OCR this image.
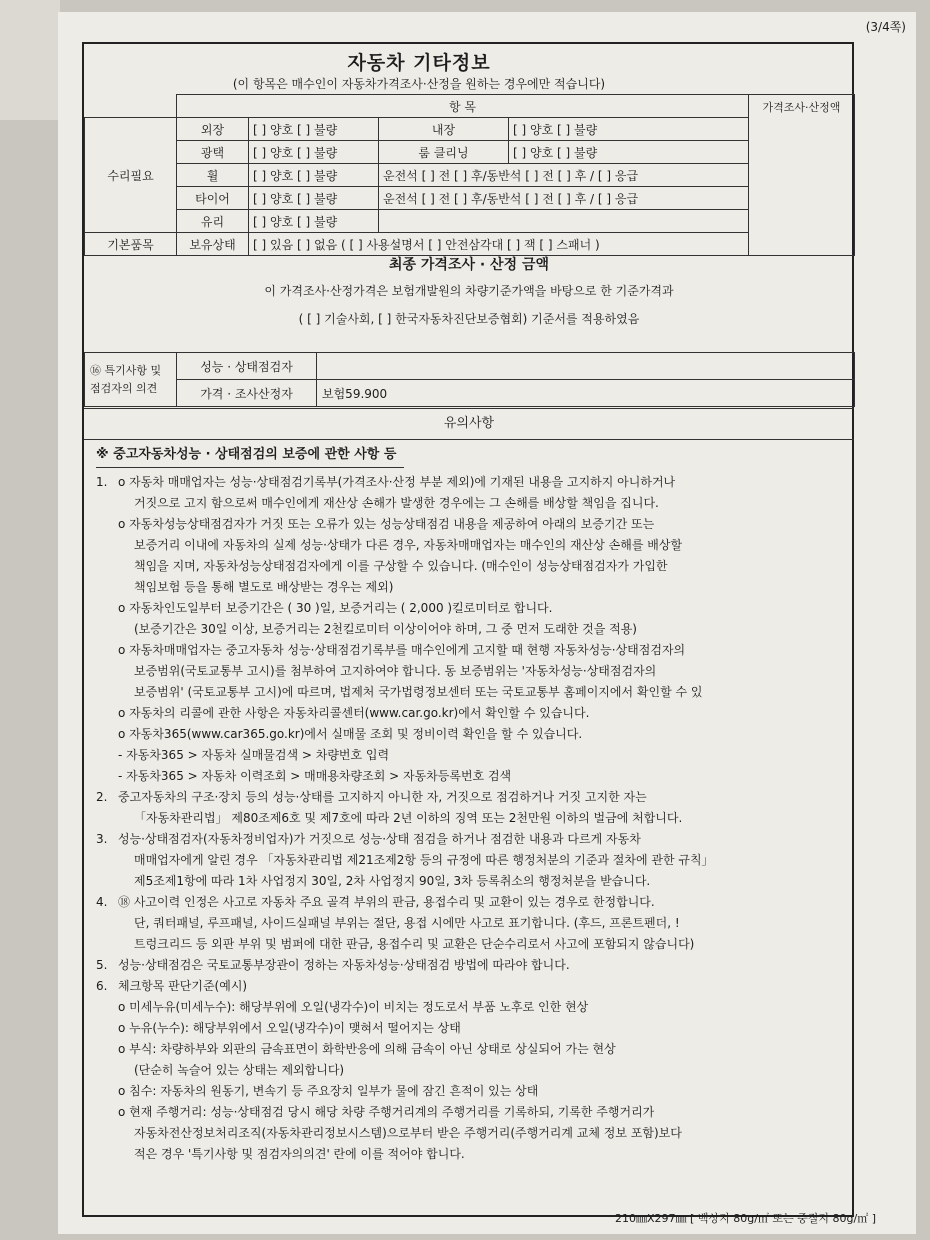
(3/4쪽)
자동차 기타정보
(이 항목은 매수인이 자동차가격조사·산정을 원하는 경우에만 적습니다)
	항 목				가격조사·산정액
수리필요	외장	[ ] 양호 [ ] 불량	내장	[ ] 양호 [ ] 불량	
	광택	[ ] 양호 [ ] 불량	룸 클리닝	[ ] 양호 [ ] 불량	
	휠	[ ] 양호 [ ] 불량	운전석 [ ] 전 [ ] 후/동반석 [ ] 전 [ ] 후 / [ ] 응급		
	타이어	[ ] 양호 [ ] 불량	운전석 [ ] 전 [ ] 후/동반석 [ ] 전 [ ] 후 / [ ] 응급		
	유리	[ ] 양호 [ ] 불량			
기본품목	보유상태	[ ] 있음 [ ] 없음 ( [ ] 사용설명서 [ ] 안전삼각대 [ ] 잭 [ ] 스패너 )			
최종 가격조사 · 산정 금액
이 가격조사·산정가격은 보험개발원의 차량기준가액을 바탕으로 한 기준가격과
( [ ] 기술사회, [ ] 한국자동차진단보증협회) 기준서를 적용하였음
⑯ 특기사항 및
점검자의 의견	성능 · 상태점검자	
	가격 · 조사산정자	보험59.900
유의사항
※ 중고자동차성능 · 상태점검의 보증에 관한 사항 등
1. o 자동차 매매업자는 성능·상태점검기록부(가격조사·산정 부분 제외)에 기재된 내용을 고지하지 아니하거나
거짓으로 고지 함으로써 매수인에게 재산상 손해가 발생한 경우에는 그 손해를 배상할 책임을 집니다.
o 자동차성능상태점검자가 거짓 또는 오류가 있는 성능상태점검 내용을 제공하여 아래의 보증기간 또는
보증거리 이내에 자동차의 실제 성능·상태가 다른 경우, 자동차매매업자는 매수인의 재산상 손해를 배상할
책임을 지며, 자동차성능상태점검자에게 이를 구상할 수 있습니다. (매수인이 성능상태점검자가 가입한
책임보험 등을 통해 별도로 배상받는 경우는 제외)
o 자동차인도일부터 보증기간은 ( 30 )일, 보증거리는 ( 2,000 )킬로미터로 합니다.
(보증기간은 30일 이상, 보증거리는 2천킬로미터 이상이어야 하며, 그 중 먼저 도래한 것을 적용)
o 자동차매매업자는 중고자동차 성능·상태점검기록부를 매수인에게 고지할 때 현행 자동차성능·상태점검자의
보증범위(국토교통부 고시)를 첨부하여 고지하여야 합니다. 동 보증범위는 '자동차성능·상태점검자의
보증범위' (국토교통부 고시)에 따르며, 법제처 국가법령정보센터 또는 국토교통부 홈페이지에서 확인할 수 있
o 자동차의 리콜에 관한 사항은 자동차리콜센터(www.car.go.kr)에서 확인할 수 있습니다.
o 자동차365(www.car365.go.kr)에서 실매물 조회 및 정비이력 확인을 할 수 있습니다.
- 자동차365 > 자동차 실매물검색 > 차량번호 입력
- 자동차365 > 자동차 이력조회 > 매매용차량조회 > 자동차등록번호 검색
2. 중고자동차의 구조·장치 등의 성능·상태를 고지하지 아니한 자, 거짓으로 점검하거나 거짓 고지한 자는
「자동차관리법」 제80조제6호 및 제7호에 따라 2년 이하의 징역 또는 2천만원 이하의 벌금에 처합니다.
3. 성능·상태점검자(자동차정비업자)가 거짓으로 성능·상태 점검을 하거나 점검한 내용과 다르게 자동차
매매업자에게 알린 경우 「자동차관리법 제21조제2항 등의 규정에 따른 행정처분의 기준과 절차에 관한 규칙」
제5조제1항에 따라 1차 사업정지 30일, 2차 사업정지 90일, 3차 등록취소의 행정처분을 받습니다.
4. ⑱ 사고이력 인정은 사고로 자동차 주요 골격 부위의 판금, 용접수리 및 교환이 있는 경우로 한정합니다.
단, 쿼터패널, 루프패널, 사이드실패널 부위는 절단, 용접 시에만 사고로 표기합니다. (후드, 프론트펜더, !
트렁크리드 등 외판 부위 및 범퍼에 대한 판금, 용접수리 및 교환은 단순수리로서 사고에 포함되지 않습니다)
5. 성능·상태점검은 국토교통부장관이 정하는 자동차성능·상태점검 방법에 따라야 합니다.
6. 체크항목 판단기준(예시)
o 미세누유(미세누수): 해당부위에 오일(냉각수)이 비치는 정도로서 부품 노후로 인한 현상
o 누유(누수): 해당부위에서 오일(냉각수)이 맺혀서 떨어지는 상태
o 부식: 차량하부와 외판의 금속표면이 화학반응에 의해 금속이 아닌 상태로 상실되어 가는 현상
(단순히 녹슬어 있는 상태는 제외합니다)
o 침수: 자동차의 원동기, 변속기 등 주요장치 일부가 물에 잠긴 흔적이 있는 상태
o 현재 주행거리: 성능·상태점검 당시 해당 차량 주행거리계의 주행거리를 기록하되, 기록한 주행거리가
자동차전산정보처리조직(자동차관리정보시스템)으로부터 받은 주행거리(주행거리계 교체 정보 포함)보다
적은 경우 '특기사항 및 점검자의의견' 란에 이를 적어야 합니다.
210㎜X297㎜ [ 백상지 80g/㎡ 또는 중질지 80g/㎡ ]
